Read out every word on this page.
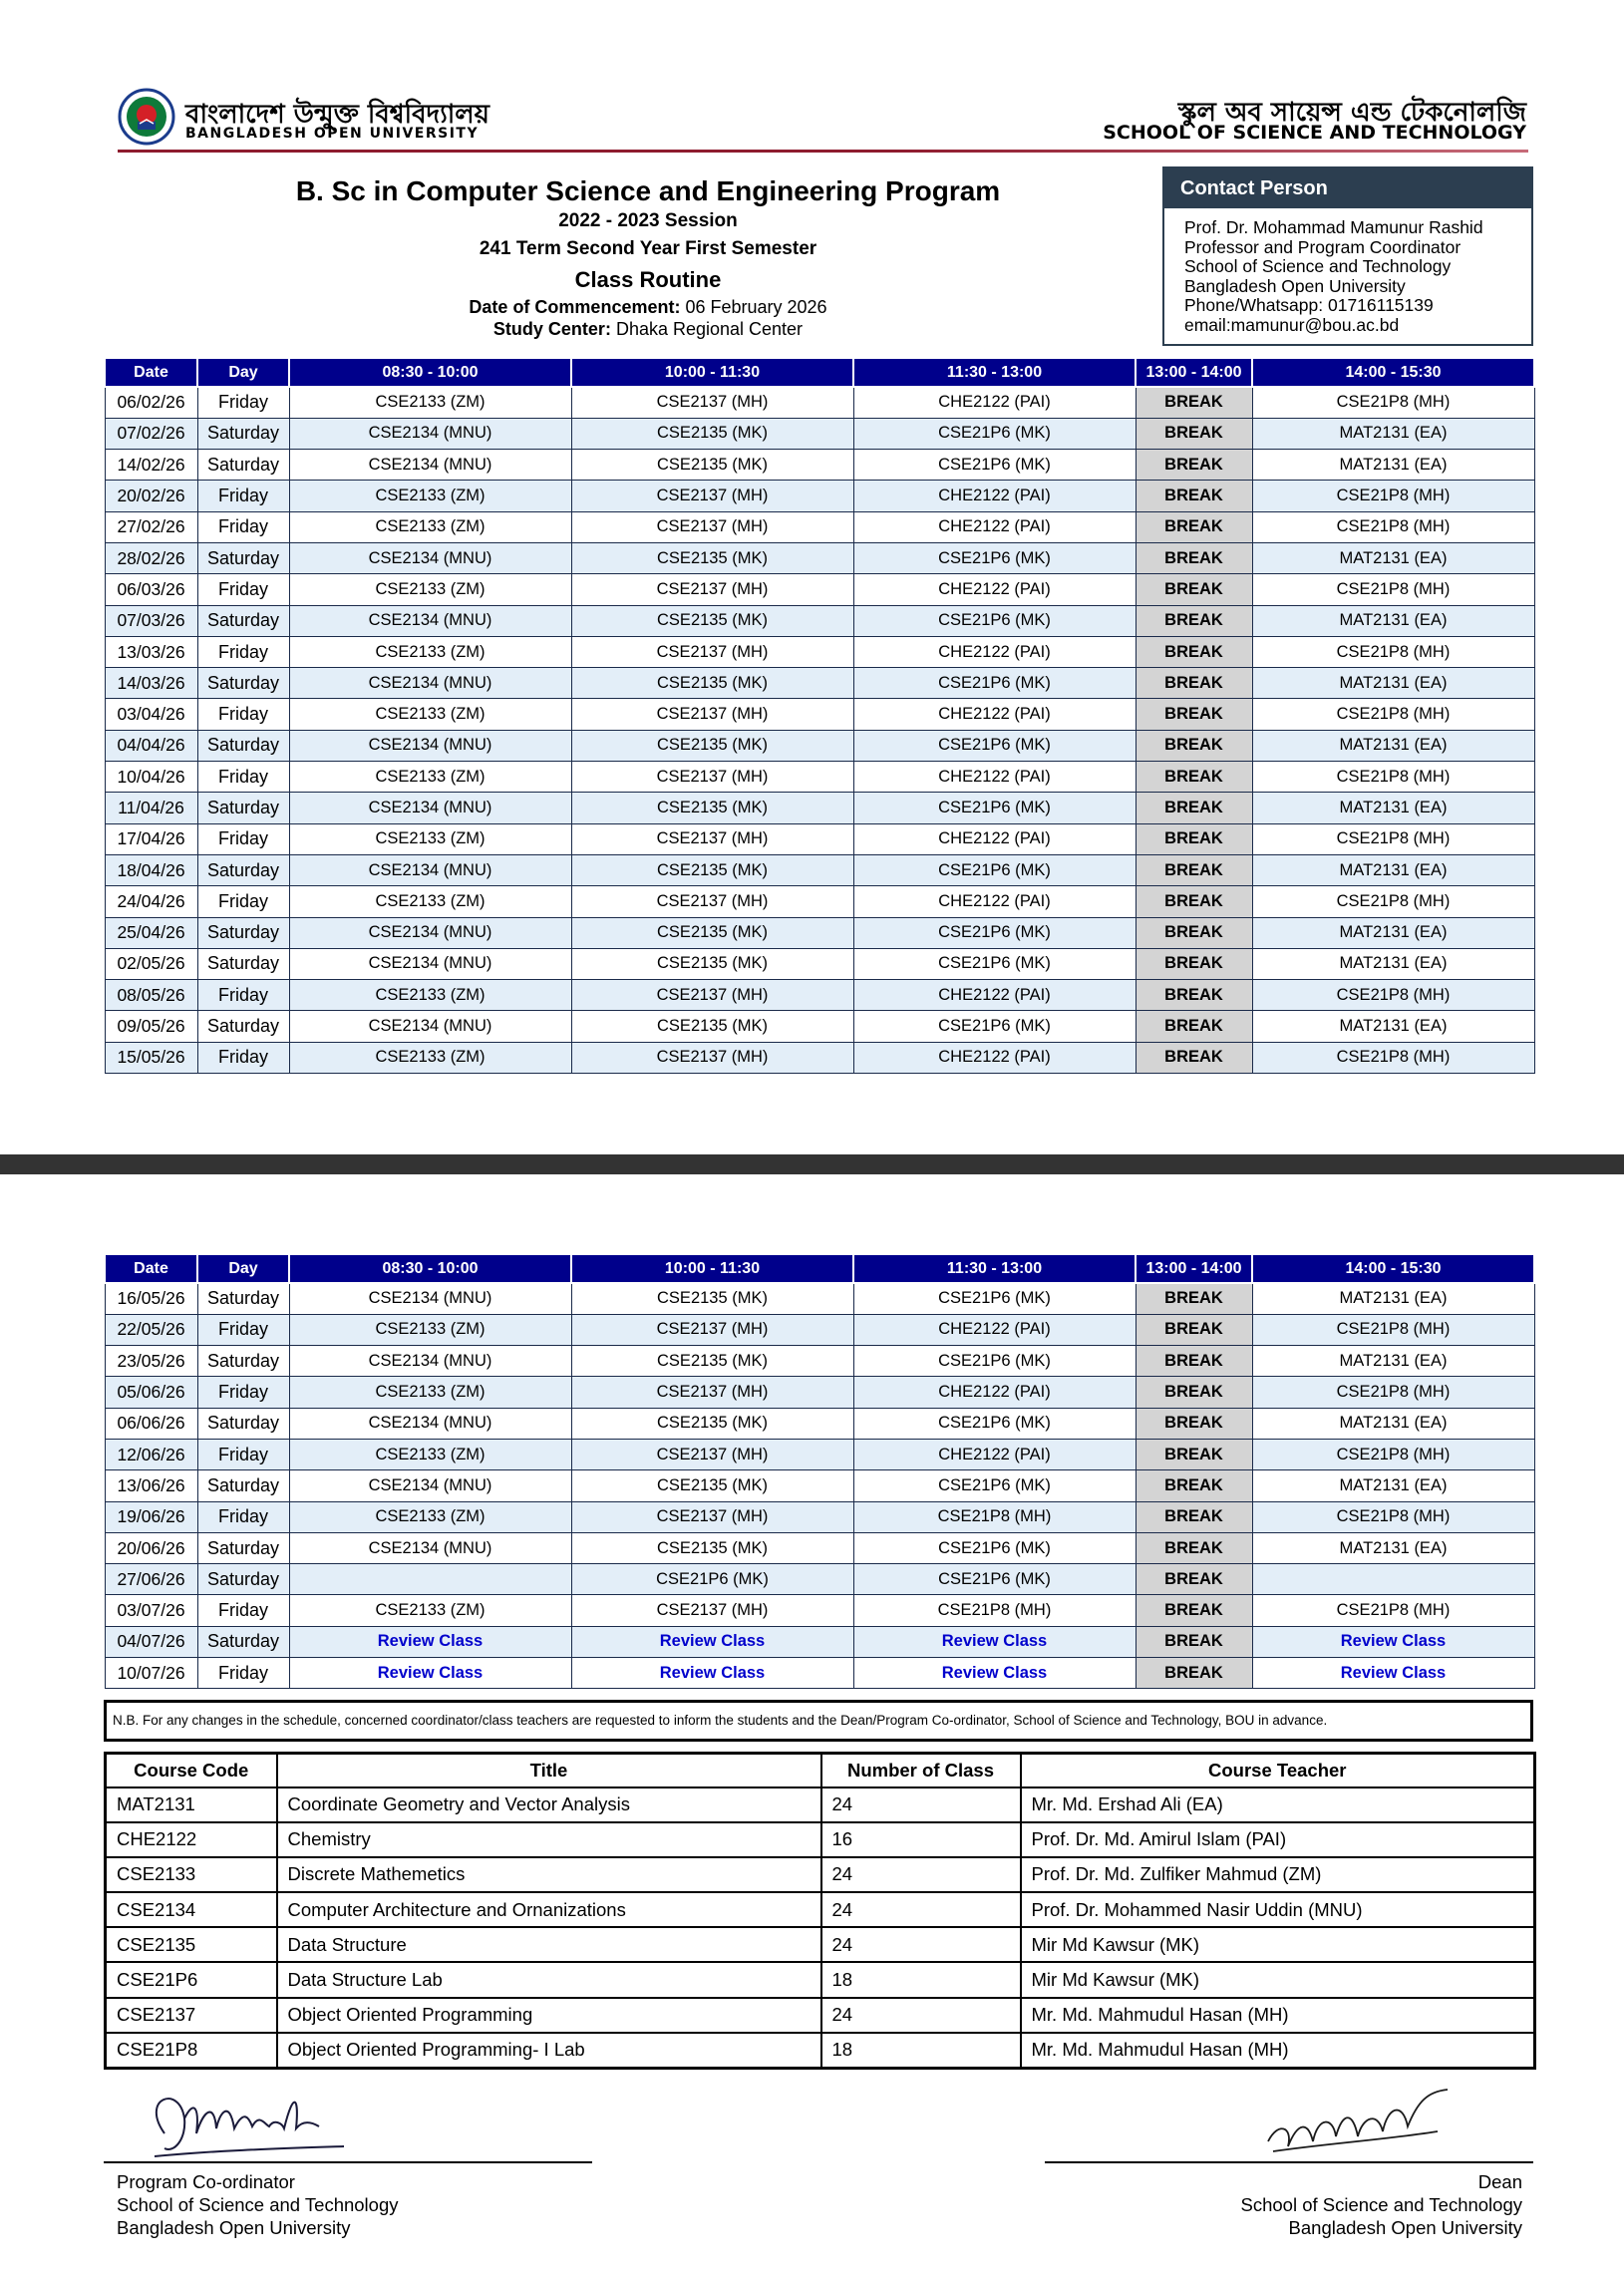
বাংলাদেশ উন্মুক্ত বিশ্ববিদ্যালয়
BANGLADESH OPEN UNIVERSITY
স্কুল অব সায়েন্স এন্ড টেকনোলজি
SCHOOL OF SCIENCE AND TECHNOLOGY
B. Sc in Computer Science and Engineering Program
2022 - 2023 Session
241 Term Second Year First Semester
Class Routine
Date of Commencement: 06 February 2026
Study Center: Dhaka Regional Center
Contact Person
Prof. Dr. Mohammad Mamunur Rashid
Professor and Program Coordinator
School of Science and Technology
Bangladesh Open University
Phone/Whatsapp: 01716115139
email:mamunur@bou.ac.bd
Date	Day	08:30 - 10:00	10:00 - 11:30	11:30 - 13:00	13:00 - 14:00	14:00 - 15:30
06/02/26	Friday	CSE2133 (ZM)	CSE2137 (MH)	CHE2122 (PAI)	BREAK	CSE21P8 (MH)
07/02/26	Saturday	CSE2134 (MNU)	CSE2135 (MK)	CSE21P6 (MK)	BREAK	MAT2131 (EA)
14/02/26	Saturday	CSE2134 (MNU)	CSE2135 (MK)	CSE21P6 (MK)	BREAK	MAT2131 (EA)
20/02/26	Friday	CSE2133 (ZM)	CSE2137 (MH)	CHE2122 (PAI)	BREAK	CSE21P8 (MH)
27/02/26	Friday	CSE2133 (ZM)	CSE2137 (MH)	CHE2122 (PAI)	BREAK	CSE21P8 (MH)
28/02/26	Saturday	CSE2134 (MNU)	CSE2135 (MK)	CSE21P6 (MK)	BREAK	MAT2131 (EA)
06/03/26	Friday	CSE2133 (ZM)	CSE2137 (MH)	CHE2122 (PAI)	BREAK	CSE21P8 (MH)
07/03/26	Saturday	CSE2134 (MNU)	CSE2135 (MK)	CSE21P6 (MK)	BREAK	MAT2131 (EA)
13/03/26	Friday	CSE2133 (ZM)	CSE2137 (MH)	CHE2122 (PAI)	BREAK	CSE21P8 (MH)
14/03/26	Saturday	CSE2134 (MNU)	CSE2135 (MK)	CSE21P6 (MK)	BREAK	MAT2131 (EA)
03/04/26	Friday	CSE2133 (ZM)	CSE2137 (MH)	CHE2122 (PAI)	BREAK	CSE21P8 (MH)
04/04/26	Saturday	CSE2134 (MNU)	CSE2135 (MK)	CSE21P6 (MK)	BREAK	MAT2131 (EA)
10/04/26	Friday	CSE2133 (ZM)	CSE2137 (MH)	CHE2122 (PAI)	BREAK	CSE21P8 (MH)
11/04/26	Saturday	CSE2134 (MNU)	CSE2135 (MK)	CSE21P6 (MK)	BREAK	MAT2131 (EA)
17/04/26	Friday	CSE2133 (ZM)	CSE2137 (MH)	CHE2122 (PAI)	BREAK	CSE21P8 (MH)
18/04/26	Saturday	CSE2134 (MNU)	CSE2135 (MK)	CSE21P6 (MK)	BREAK	MAT2131 (EA)
24/04/26	Friday	CSE2133 (ZM)	CSE2137 (MH)	CHE2122 (PAI)	BREAK	CSE21P8 (MH)
25/04/26	Saturday	CSE2134 (MNU)	CSE2135 (MK)	CSE21P6 (MK)	BREAK	MAT2131 (EA)
02/05/26	Saturday	CSE2134 (MNU)	CSE2135 (MK)	CSE21P6 (MK)	BREAK	MAT2131 (EA)
08/05/26	Friday	CSE2133 (ZM)	CSE2137 (MH)	CHE2122 (PAI)	BREAK	CSE21P8 (MH)
09/05/26	Saturday	CSE2134 (MNU)	CSE2135 (MK)	CSE21P6 (MK)	BREAK	MAT2131 (EA)
15/05/26	Friday	CSE2133 (ZM)	CSE2137 (MH)	CHE2122 (PAI)	BREAK	CSE21P8 (MH)
Date	Day	08:30 - 10:00	10:00 - 11:30	11:30 - 13:00	13:00 - 14:00	14:00 - 15:30
16/05/26	Saturday	CSE2134 (MNU)	CSE2135 (MK)	CSE21P6 (MK)	BREAK	MAT2131 (EA)
22/05/26	Friday	CSE2133 (ZM)	CSE2137 (MH)	CHE2122 (PAI)	BREAK	CSE21P8 (MH)
23/05/26	Saturday	CSE2134 (MNU)	CSE2135 (MK)	CSE21P6 (MK)	BREAK	MAT2131 (EA)
05/06/26	Friday	CSE2133 (ZM)	CSE2137 (MH)	CHE2122 (PAI)	BREAK	CSE21P8 (MH)
06/06/26	Saturday	CSE2134 (MNU)	CSE2135 (MK)	CSE21P6 (MK)	BREAK	MAT2131 (EA)
12/06/26	Friday	CSE2133 (ZM)	CSE2137 (MH)	CHE2122 (PAI)	BREAK	CSE21P8 (MH)
13/06/26	Saturday	CSE2134 (MNU)	CSE2135 (MK)	CSE21P6 (MK)	BREAK	MAT2131 (EA)
19/06/26	Friday	CSE2133 (ZM)	CSE2137 (MH)	CSE21P8 (MH)	BREAK	CSE21P8 (MH)
20/06/26	Saturday	CSE2134 (MNU)	CSE2135 (MK)	CSE21P6 (MK)	BREAK	MAT2131 (EA)
27/06/26	Saturday		CSE21P6 (MK)	CSE21P6 (MK)	BREAK	
03/07/26	Friday	CSE2133 (ZM)	CSE2137 (MH)	CSE21P8 (MH)	BREAK	CSE21P8 (MH)
04/07/26	Saturday	Review Class	Review Class	Review Class	BREAK	Review Class
10/07/26	Friday	Review Class	Review Class	Review Class	BREAK	Review Class
N.B. For any changes in the schedule, concerned coordinator/class teachers are requested to inform the students and the Dean/Program Co-ordinator, School of Science and Technology, BOU in advance.
Course Code	Title	Number of Class	Course Teacher
MAT2131	Coordinate Geometry and Vector Analysis	24	Mr. Md. Ershad Ali (EA)
CHE2122	Chemistry	16	Prof. Dr. Md. Amirul Islam (PAI)
CSE2133	Discrete Mathemetics	24	Prof. Dr. Md. Zulfiker Mahmud (ZM)
CSE2134	Computer Architecture and Ornanizations	24	Prof. Dr. Mohammed Nasir Uddin (MNU)
CSE2135	Data Structure	24	Mir Md Kawsur (MK)
CSE21P6	Data Structure Lab	18	Mir Md Kawsur (MK)
CSE2137	Object Oriented Programming	24	Mr. Md. Mahmudul Hasan (MH)
CSE21P8	Object Oriented Programming- I Lab	18	Mr. Md. Mahmudul Hasan (MH)
Program Co-ordinator
School of Science and Technology
Bangladesh Open University
Dean
School of Science and Technology
Bangladesh Open University
